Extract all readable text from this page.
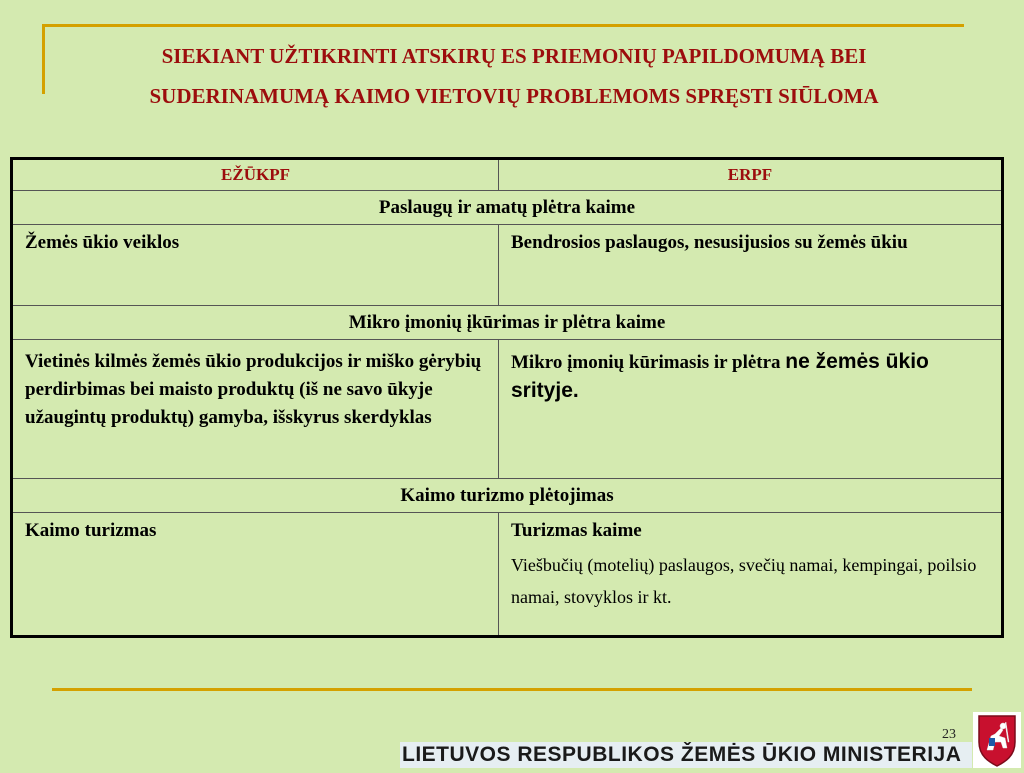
SIEKIANT UŽTIKRINTI ATSKIRŲ ES PRIEMONIŲ PAPILDOMUMĄ BEI
SUDERINAMUMĄ KAIMO VIETOVIŲ PROBLEMOMS SPRĘSTI SIŪLOMA
EŽŪKPF	ERPF
Paslaugų ir amatų plėtra kaime	
Žemės ūkio veiklos	Bendrosios paslaugos, nesusijusios su žemės ūkiu
Mikro įmonių įkūrimas ir plėtra kaime	
Vietinės kilmės žemės ūkio produkcijos ir miško gėrybių perdirbimas bei maisto produktų (iš ne savo ūkyje užaugintų produktų) gamyba, išskyrus skerdyklas	Mikro įmonių kūrimasis ir plėtra ne žemės ūkio srityje.
Kaimo turizmo plėtojimas	
Kaimo turizmas	Turizmas kaime
Viešbučių (motelių) paslaugos, svečių namai, kempingai, poilsio namai, stovyklos ir kt.
23
LIETUVOS RESPUBLIKOS ŽEMĖS ŪKIO MINISTERIJA
